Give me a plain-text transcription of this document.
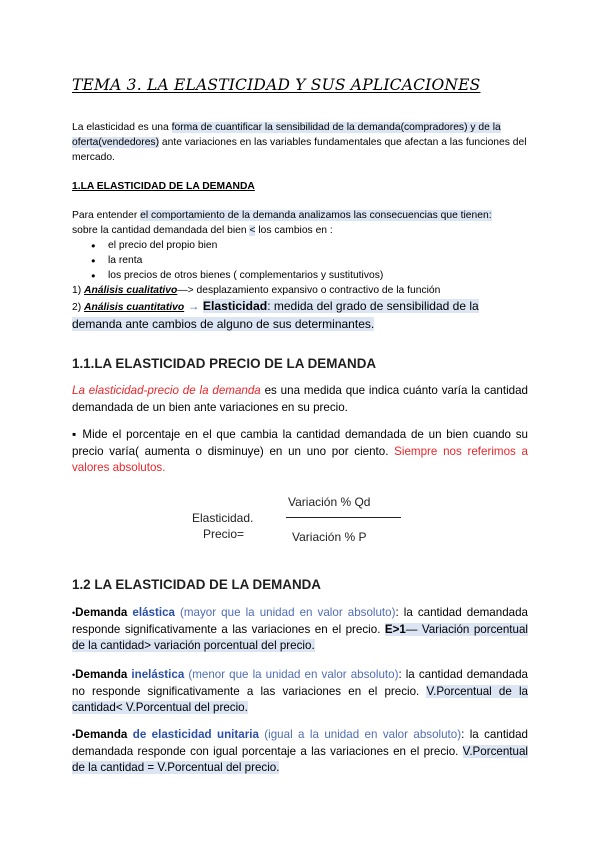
TEMA 3. LA ELASTICIDAD Y SUS APLICACIONES
La elasticidad es una forma de cuantificar la sensibilidad de la demanda(compradores) y de la oferta(vendedores) ante variaciones en las variables fundamentales que afectan a las funciones del mercado.
1.LA ELASTICIDAD DE LA DEMANDA
Para entender el comportamiento de la demanda analizamos las consecuencias que tienen:
sobre la cantidad demandada del bien < los cambios en :
● el precio del propio bien
● la renta
● los precios de otros bienes ( complementarios y sustitutivos)
1) Análisis cualitativo—> desplazamiento expansivo o contractivo de la función
2) Análisis cuantitativo → Elasticidad: medida del grado de sensibilidad de la demanda ante cambios de alguno de sus determinantes.
1.1.LA ELASTICIDAD PRECIO DE LA DEMANDA
La elasticidad-precio de la demanda es una medida que indica cuánto varía la cantidad demandada de un bien ante variaciones en su precio.
▪ Mide el porcentaje en el que cambia la cantidad demandada de un bien cuando su precio varía( aumenta o disminuye) en un uno por ciento. Siempre nos referimos a valores absolutos.
Elasticidad.
Precio=
Variación % Qd
Variación % P
1.2 LA ELASTICIDAD DE LA DEMANDA
•Demanda elástica (mayor que la unidad en valor absoluto): la cantidad demandada responde significativamente a las variaciones en el precio. E>1— Variación porcentual de la cantidad> variación porcentual del precio.
•Demanda inelástica (menor que la unidad en valor absoluto): la cantidad demandada no responde significativamente a las variaciones en el precio. V.Porcentual de la cantidad< V.Porcentual del precio.
•Demanda de elasticidad unitaria (igual a la unidad en valor absoluto): la cantidad demandada responde con igual porcentaje a las variaciones en el precio. V.Porcentual de la cantidad = V.Porcentual del precio.
